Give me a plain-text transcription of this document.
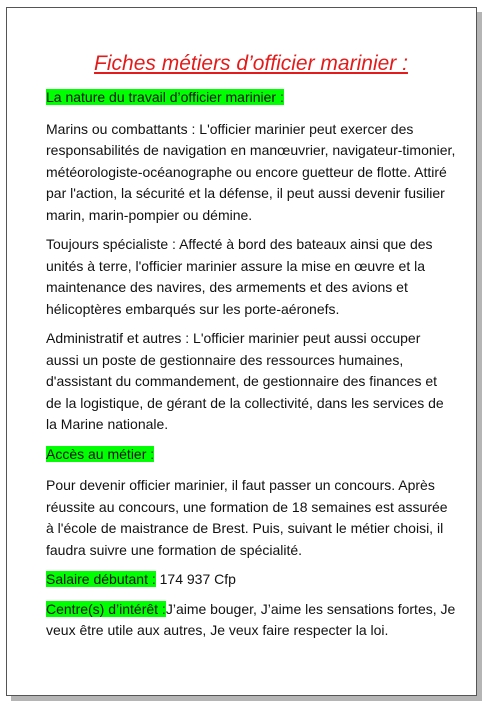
Fiches métiers d’officier marinier :

La nature du travail d’officier marinier :

Marins ou combattants : L'officier marinier peut exercer des responsabilités de navigation en manœuvrier, navigateur-timonier, météorologiste-océanographe ou encore guetteur de flotte. Attiré par l'action, la sécurité et la défense, il peut aussi devenir fusilier marin, marin-pompier ou démine.

Toujours spécialiste : Affecté à bord des bateaux ainsi que des unités à terre, l'officier marinier assure la mise en œuvre et la maintenance des navires, des armements et des avions et hélicoptères embarqués sur les porte-aéronefs.

Administratif et autres : L'officier marinier peut aussi occuper aussi un poste de gestionnaire des ressources humaines, d'assistant du commandement, de gestionnaire des finances et de la logistique, de gérant de la collectivité, dans les services de la Marine nationale.

Accès au métier :

Pour devenir officier marinier, il faut passer un concours. Après réussite au concours, une formation de 18 semaines est assurée à l'école de maistrance de Brest. Puis, suivant le métier choisi, il faudra suivre une formation de spécialité.

Salaire débutant : 174 937 Cfp

Centre(s) d’intérêt :J’aime bouger, J’aime les sensations fortes, Je veux être utile aux autres, Je veux faire respecter la loi.
